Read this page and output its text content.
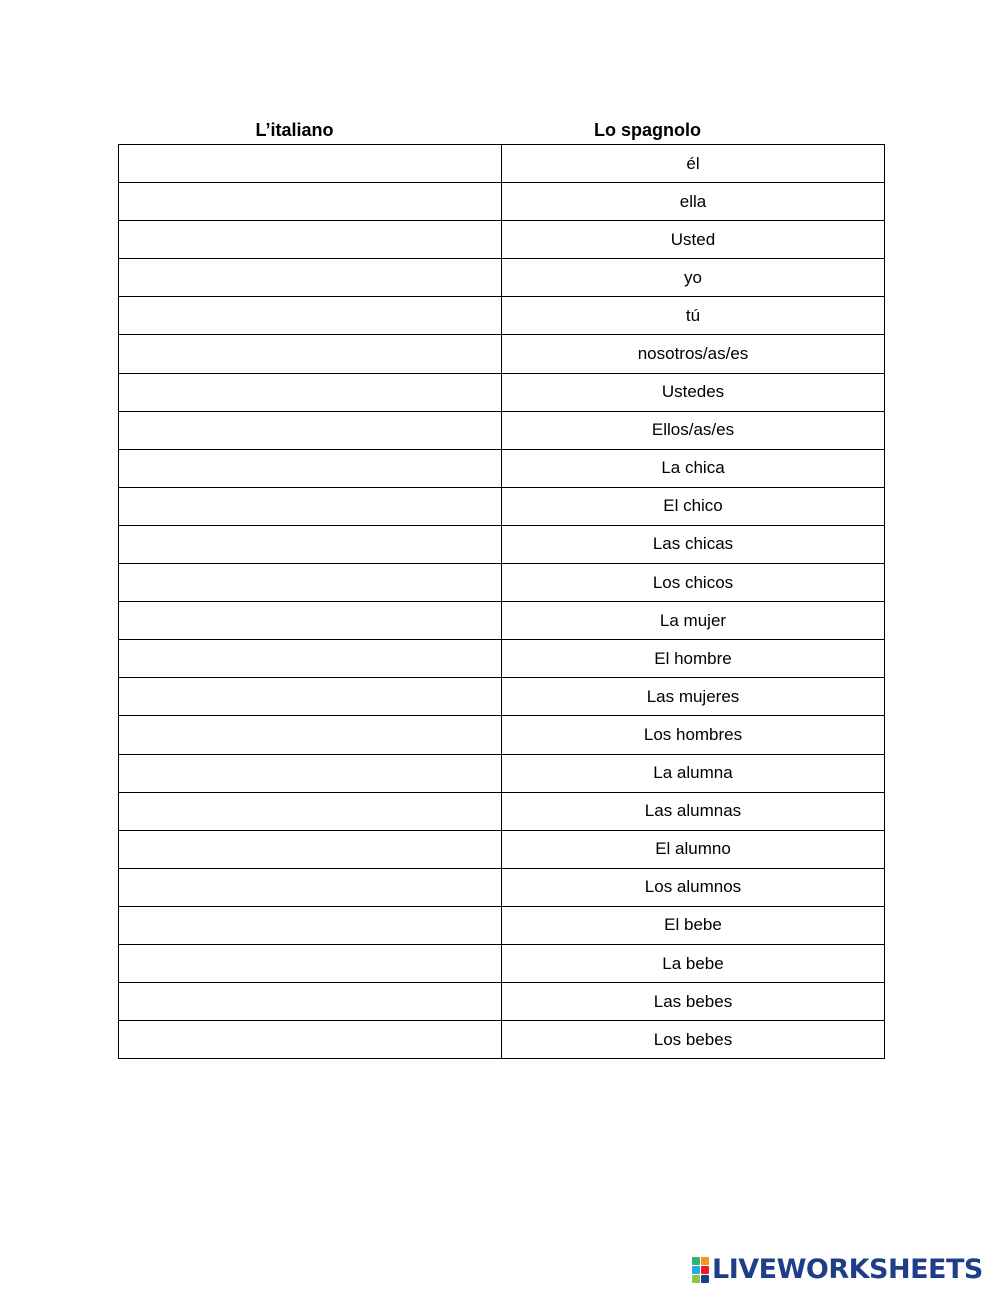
L’italiano	Lo spagnolo
	él
	ella
	Usted
	yo
	tú
	nosotros/as/es
	Ustedes
	Ellos/as/es
	La chica
	El chico
	Las chicas
	Los chicos
	La mujer
	El hombre
	Las mujeres
	Los hombres
	La alumna
	Las alumnas
	El alumno
	Los alumnos
	El bebe
	La bebe
	Las bebes
	Los bebes
LIVEWORKSHEETS
